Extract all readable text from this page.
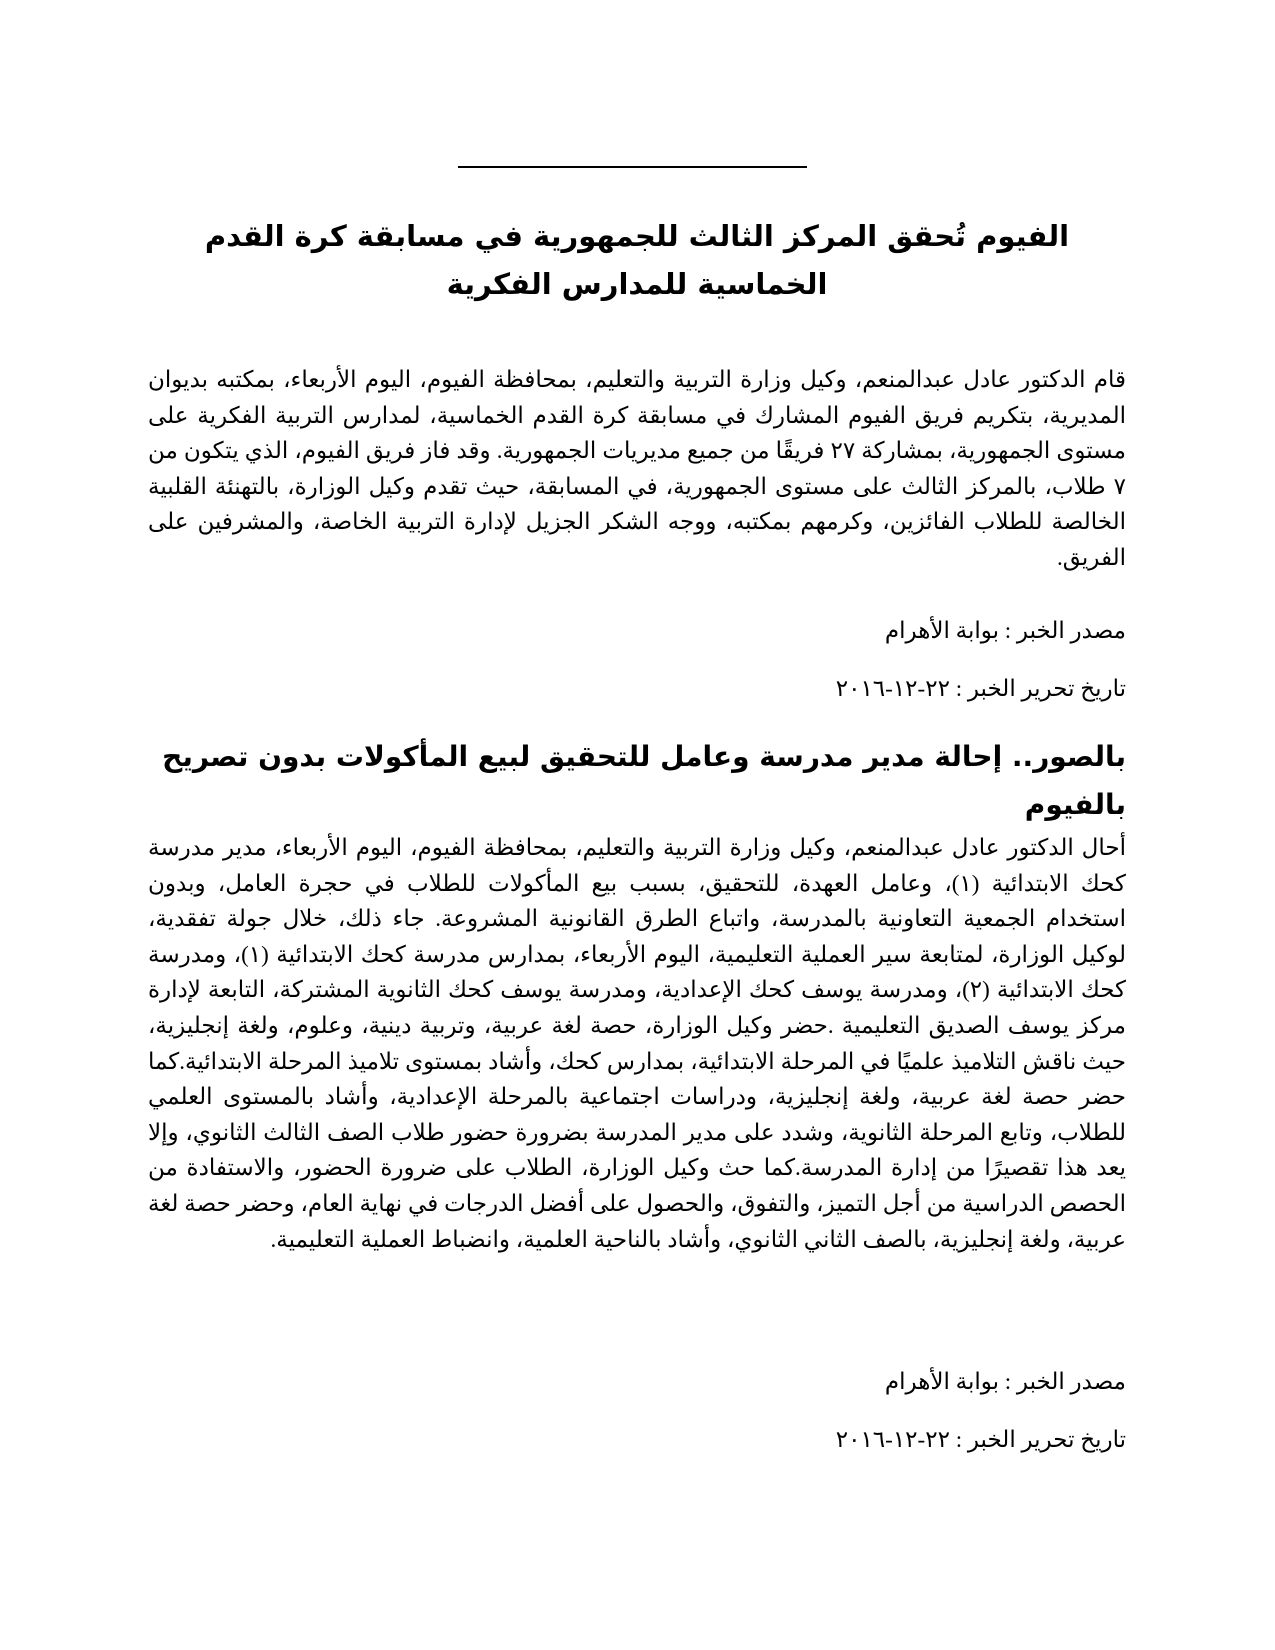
الفيوم تُحقق المركز الثالث للجمهورية في مسابقة كرة القدم الخماسية للمدارس الفكرية

قام الدكتور عادل عبدالمنعم، وكيل وزارة التربية والتعليم، بمحافظة الفيوم، اليوم الأربعاء، بمكتبه بديوان المديرية، بتكريم فريق الفيوم المشارك في مسابقة كرة القدم الخماسية، لمدارس التربية الفكرية على مستوى الجمهورية، بمشاركة ٢٧ فريقًا من جميع مديريات الجمهورية. وقد فاز فريق الفيوم، الذي يتكون من ٧ طلاب، بالمركز الثالث على مستوى الجمهورية، في المسابقة، حيث تقدم وكيل الوزارة، بالتهنئة القلبية الخالصة للطلاب الفائزين، وكرمهم بمكتبه، ووجه الشكر الجزيل لإدارة التربية الخاصة، والمشرفين على الفريق.

مصدر الخبر : بوابة الأهرام

تاريخ تحرير الخبر : ٢٢-١٢-٢٠١٦

بالصور.. إحالة مدير مدرسة وعامل للتحقيق لبيع المأكولات بدون تصريح بالفيوم

أحال الدكتور عادل عبدالمنعم، وكيل وزارة التربية والتعليم، بمحافظة الفيوم، اليوم الأربعاء، مدير مدرسة كحك الابتدائية (١)، وعامل العهدة، للتحقيق، بسبب بيع المأكولات للطلاب في حجرة العامل، وبدون استخدام الجمعية التعاونية بالمدرسة، واتباع الطرق القانونية المشروعة. جاء ذلك، خلال جولة تفقدية، لوكيل الوزارة، لمتابعة سير العملية التعليمية، اليوم الأربعاء، بمدارس مدرسة كحك الابتدائية (١)، ومدرسة كحك الابتدائية (٢)، ومدرسة يوسف كحك الإعدادية، ومدرسة يوسف كحك الثانوية المشتركة، التابعة لإدارة مركز يوسف الصديق التعليمية .حضر وكيل الوزارة، حصة لغة عربية، وتربية دينية، وعلوم، ولغة إنجليزية، حيث ناقش التلاميذ علميًا في المرحلة الابتدائية، بمدارس كحك، وأشاد بمستوى تلاميذ المرحلة الابتدائية.كما حضر حصة لغة عربية، ولغة إنجليزية، ودراسات اجتماعية بالمرحلة الإعدادية، وأشاد بالمستوى العلمي للطلاب، وتابع المرحلة الثانوية، وشدد على مدير المدرسة بضرورة حضور طلاب الصف الثالث الثانوي، وإلا يعد هذا تقصيرًا من إدارة المدرسة.كما حث وكيل الوزارة، الطلاب على ضرورة الحضور، والاستفادة من الحصص الدراسية من أجل التميز، والتفوق، والحصول على أفضل الدرجات في نهاية العام، وحضر حصة لغة عربية، ولغة إنجليزية، بالصف الثاني الثانوي، وأشاد بالناحية العلمية، وانضباط العملية التعليمية.

مصدر الخبر : بوابة الأهرام

تاريخ تحرير الخبر : ٢٢-١٢-٢٠١٦
